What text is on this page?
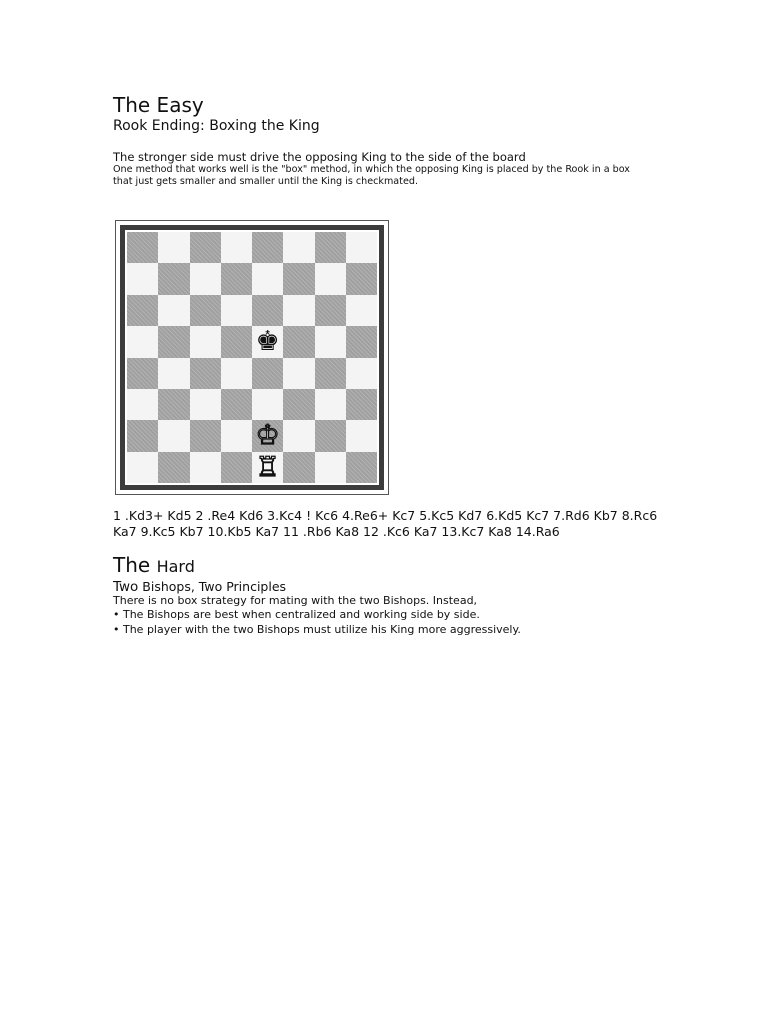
The Easy
Rook Ending: Boxing the King
The stronger side must drive the opposing King to the side of the board
One method that works well is the "box" method, in which the opposing King is placed by the Rook in a box
that just gets smaller and smaller until the King is checkmated.
♚
♔
♖
1 .Kd3+ Kd5 2 .Re4 Kd6 3.Kc4 ! Kc6 4.Re6+ Kc7 5.Kc5 Kd7 6.Kd5 Kc7 7.Rd6 Kb7 8.Rc6
Ka7 9.Kc5 Kb7 10.Kb5 Ka7 11 .Rb6 Ka8 12 .Kc6 Ka7 13.Kc7 Ka8 14.Ra6
The Hard
Two Bishops, Two Principles
There is no box strategy for mating with the two Bishops. Instead,
• The Bishops are best when centralized and working side by side.
• The player with the two Bishops must utilize his King more aggressively.
